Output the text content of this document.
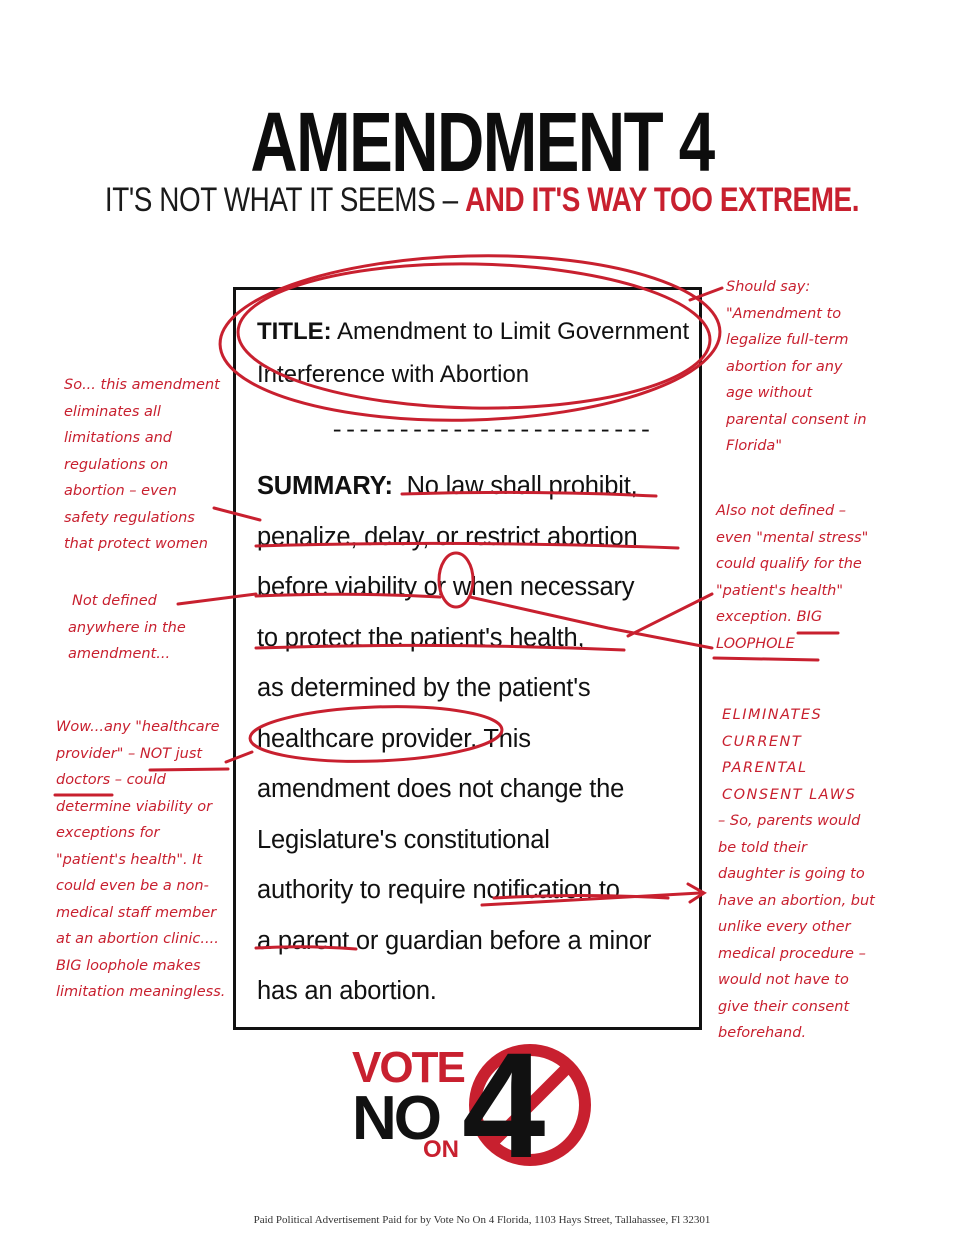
AMENDMENT 4
IT'S NOT WHAT IT SEEMS – AND IT'S WAY TOO EXTREME.
TITLE: Amendment to Limit Government
Interference with Abortion
------------------------
SUMMARY: No law shall prohibit,
penalize, delay, or restrict abortion
before viability or when necessary
to protect the patient's health,
as determined by the patient's
healthcare provider. This
amendment does not change the
Legislature's constitutional
authority to require notification to
a parent or guardian before a minor
has an abortion.
Should say:
"Amendment to
legalize full-term
abortion for any
age without
parental consent in
Florida"
So... this amendment
eliminates all
limitations and
regulations on
abortion – even
safety regulations
that protect women
Not defined
anywhere in the
amendment...
Also not defined –
even "mental stress"
could qualify for the
"patient's health"
exception. BIG
LOOPHOLE
Wow...any "healthcare
provider" – NOT just
doctors – could
determine viability or
exceptions for
"patient's health". It
could even be a non-
medical staff member
at an abortion clinic....
BIG loophole makes
limitation meaningless.
ELIMINATES
CURRENT
PARENTAL
CONSENT LAWS
– So, parents would
be told their
daughter is going to
have an abortion, but
unlike every other
medical procedure –
would not have to
give their consent
beforehand.
VOTE
NO
ON 4
Paid Political Advertisement Paid for by Vote No On 4 Florida, 1103 Hays Street, Tallahassee, Fl 32301
